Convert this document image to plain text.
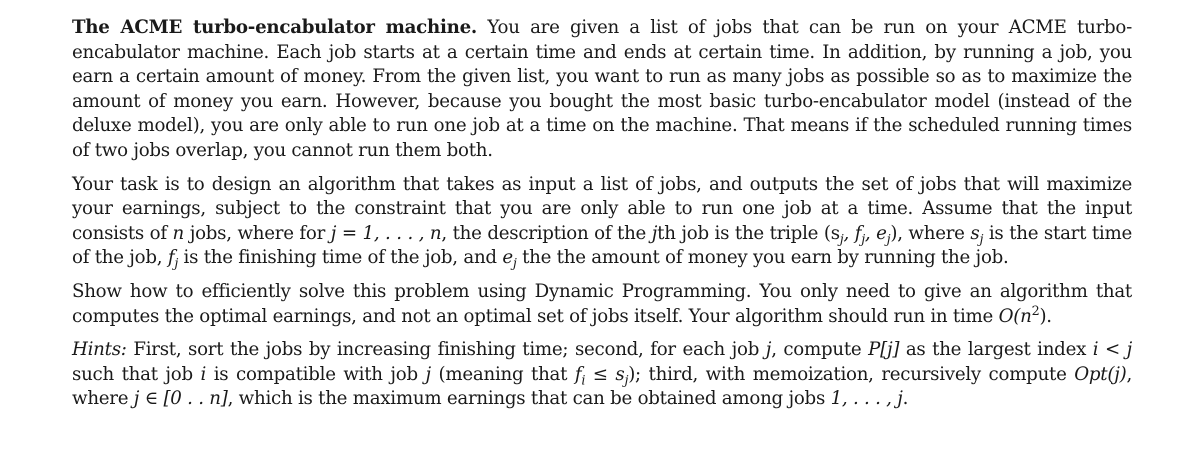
The ACME turbo-encabulator machine. You are given a list of jobs that can be run on your ACME turbo-encabulator machine. Each job starts at a certain time and ends at certain time. In addition, by running a job, you earn a certain amount of money. From the given list, you want to run as many jobs as possible so as to maximize the amount of money you earn. However, because you bought the most basic turbo-encabulator model (instead of the deluxe model), you are only able to run one job at a time on the machine. That means if the scheduled running times of two jobs overlap, you cannot run them both.

Your task is to design an algorithm that takes as input a list of jobs, and outputs the set of jobs that will maximize your earnings, subject to the constraint that you are only able to run one job at a time. Assume that the input consists of n jobs, where for j = 1, . . . , n, the description of the jth job is the triple ($s_j$, $f_j$, $e_j$), where $s_j$ is the start time of the job, $f_j$ is the finishing time of the job, and $e_j$ the the amount of money you earn by running the job.

Show how to efficiently solve this problem using Dynamic Programming. You only need to give an algorithm that computes the optimal earnings, and not an optimal set of jobs itself. Your algorithm should run in time $O(n^2)$.

Hints: First, sort the jobs by increasing finishing time; second, for each job j, compute P[j] as the largest index i < j such that job i is compatible with job j (meaning that $f_i \le s_j$); third, with memoization, recursively compute Opt(j), where j ∈ [0 . . n], which is the maximum earnings that can be obtained among jobs 1, . . . , j.
